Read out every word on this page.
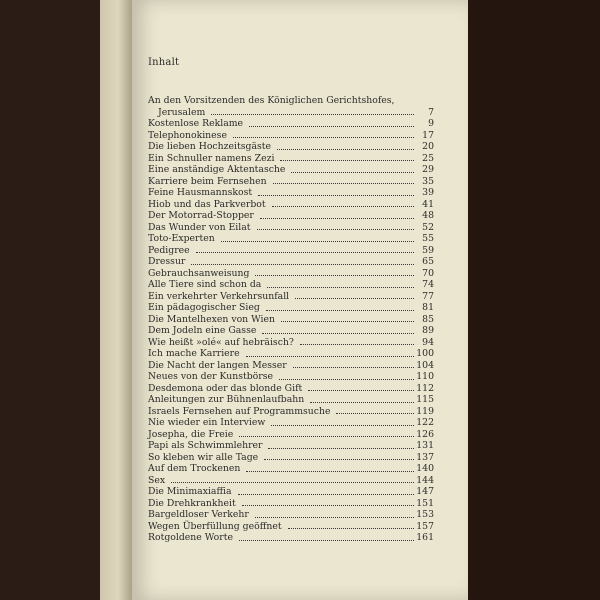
Inhalt
An den Vorsitzenden des Königlichen Gerichtshofes,
Jerusalem	7
Kostenlose Reklame	9
Telephonokinese	17
Die lieben Hochzeitsgäste	20
Ein Schnuller namens Zezi	25
Eine anständige Aktentasche	29
Karriere beim Fernsehen	35
Feine Hausmannskost	39
Hiob und das Parkverbot	41
Der Motorrad-Stopper	48
Das Wunder von Eilat	52
Toto-Experten	55
Pedigree	59
Dressur	65
Gebrauchsanweisung	70
Alle Tiere sind schon da	74
Ein verkehrter Verkehrsunfall	77
Ein pädagogischer Sieg	81
Die Mantelhexen von Wien	85
Dem Jodeln eine Gasse	89
Wie heißt »olé« auf hebräisch?	94
Ich mache Karriere	100
Die Nacht der langen Messer	104
Neues von der Kunstbörse	110
Desdemona oder das blonde Gift	112
Anleitungen zur Bühnenlaufbahn	115
Israels Fernsehen auf Programmsuche	119
Nie wieder ein Interview	122
Josepha, die Freie	126
Papi als Schwimmlehrer	131
So kleben wir alle Tage	137
Auf dem Trockenen	140
Sex	144
Die Minimaxiaffia	147
Die Drehkrankheit	151
Bargeldloser Verkehr	153
Wegen Überfüllung geöffnet	157
Rotgoldene Worte	161
